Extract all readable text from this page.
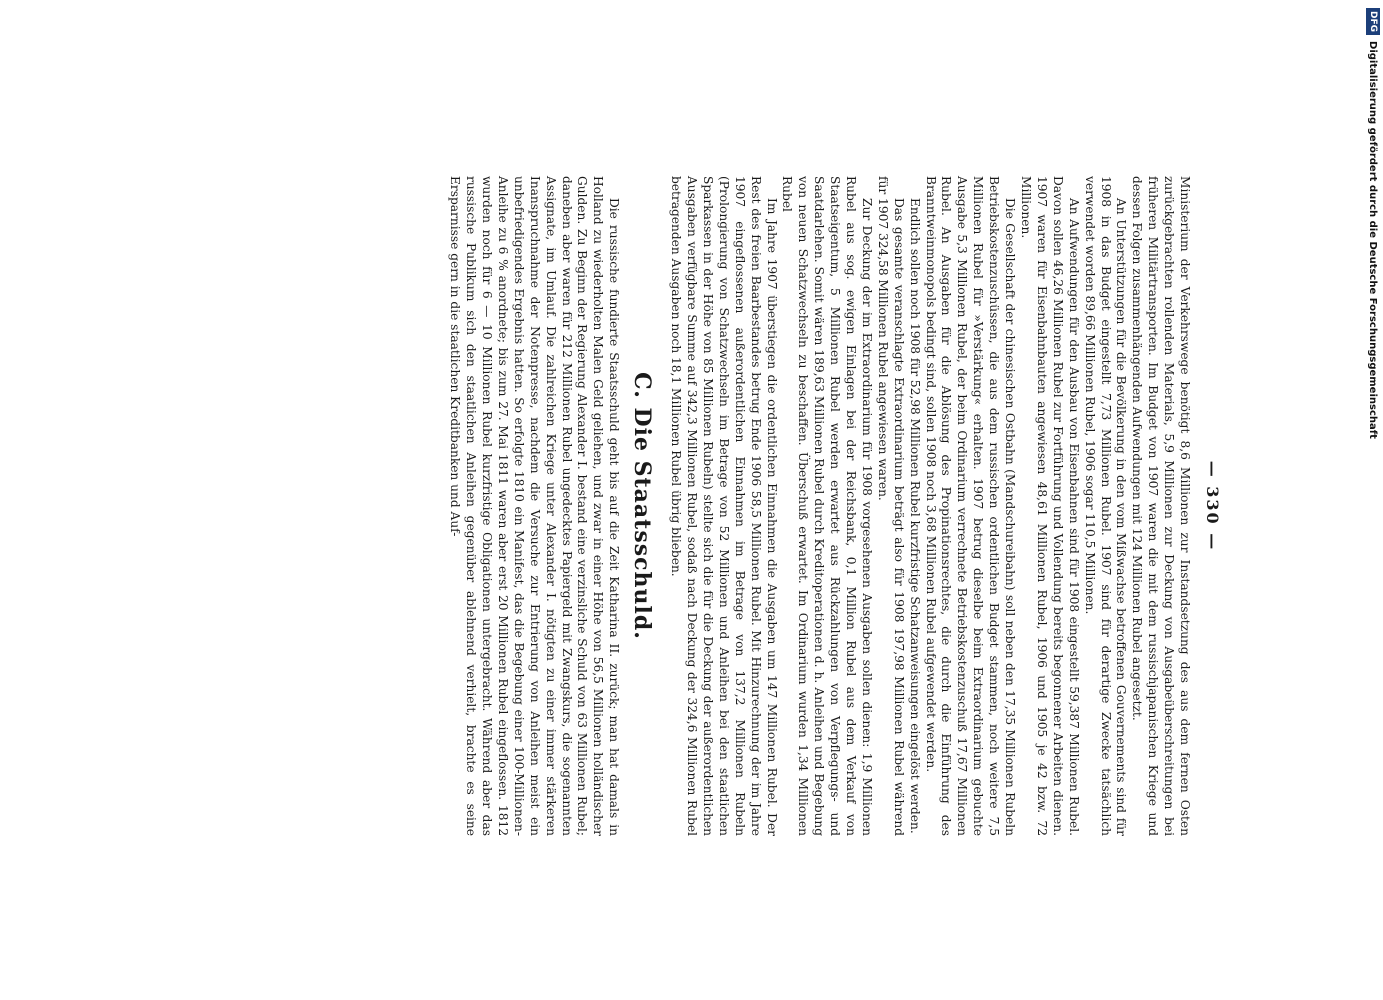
— 330 —

Ministerium der Verkehrswege benötigt 8,6 Millionen zur Instandsetzung des aus dem fernen Osten zurückgebrachten rollenden Materials, 5,9 Millionen zur Deckung von Ausgabeüberschreitungen bei früheren Militärtransporten. Im Budget von 1907 waren die mit dem russischjapanischen Kriege und dessen Folgen zusammenhängenden Aufwendungen mit 124 Millionen Rubel angesetzt.

An Unterstützungen für die Bevölkerung in den vom Mißwachse betroffenen Gouvernements sind für 1908 in das Budget eingestellt 7,73 Millionen Rubel. 1907 sind für derartige Zwecke tatsächlich verwendet worden 89,66 Millionen Rubel, 1906 sogar 110,5 Millionen.

An Aufwendungen für den Ausbau von Eisenbahnen sind für 1908 eingestellt 59,387 Millionen Rubel. Davon sollen 46,26 Millionen Rubel zur Fortführung und Vollendung bereits begonnener Arbeiten dienen. 1907 waren für Eisenbahnbauten angewiesen 48,61 Millionen Rubel, 1906 und 1905 je 42 bzw. 72 Millionen.

Die Gesellschaft der chinesischen Ostbahn (Mandschureibahn) soll neben den 17,35 Millionen Rubeln Betriebskostenzuschüssen, die aus dem russischen ordentlichen Budget stammen, noch weitere 7,5 Millionen Rubel für »Verstärkung« erhalten. 1907 betrug dieselbe beim Extraordinarium gebuchte Ausgabe 5,3 Millionen Rubel, der beim Ordinarium verrechnete Betriebskostenzuschuß 17,67 Millionen Rubel. An Ausgaben für die Ablösung des Propinationsrechtes, die durch die Einführung des Branntweinmonopols bedingt sind, sollen 1908 noch 3,68 Millionen Rubel aufgewendet werden.

Endlich sollen noch 1908 für 52,98 Millionen Rubel kurzfristige Schatzanweisungen eingelöst werden.

Das gesamte veranschlagte Extraordinarium beträgt also für 1908 197,98 Millionen Rubel während für 1907 324,58 Millionen Rubel angewiesen waren.

Zur Deckung der im Extraordinarium für 1908 vorgesehenen Ausgaben sollen dienen: 1,9 Millionen Rubel aus sog. ewigen Einlagen bei der Reichsbank, 0,1 Million Rubel aus dem Verkauf von Staatseigentum, 5 Millionen Rubel werden erwartet aus Rückzahlungen von Verpflegungs- und Saatdarlehen. Somit wären 189,63 Millionen Rubel durch Kreditoperationen d. h. Anleihen und Begebung von neuen Schatzwechseln zu beschaffen. Überschuß erwartet. Im Ordinarium wurden 1,34 Millionen Rubel

Im Jahre 1907 überstiegen die ordentlichen Einnahmen die Ausgaben um 147 Millionen Rubel. Der Rest des freien Baarbestandes betrug Ende 1906 58,5 Millionen Rubel. Mit Hinzurechnung der im Jahre 1907 eingeflossenen außerordentlichen Einnahmen im Betrage von 137,2 Millionen Rubeln (Prolongierung von Schatzwechseln im Betrage von 52 Millionen und Anleihen bei den staatlichen Sparkassen in der Höhe von 85 Millionen Rubeln) stellte sich die für die Deckung der außerordentlichen Ausgaben verfügbare Summe auf 342,3 Millionen Rubel, sodaß nach Deckung der 324,6 Millionen Rubel betragenden Ausgaben noch 18,1 Millionen Rubel übrig blieben.

C. Die Staatsschuld.

Die russische fundierte Staatsschuld geht bis auf die Zeit Katharina II. zurück; man hat damals in Holland zu wiederholten Malen Geld geliehen, und zwar in einer Höhe von 56,5 Millionen holländischer Gulden. Zu Beginn der Regierung Alexander I. bestand eine verzinsliche Schuld von 63 Millionen Rubel; daneben aber waren für 212 Millionen Rubel ungedecktes Papiergeld mit Zwangskurs, die sogenannten Assignate, im Umlauf. Die zahlreichen Kriege unter Alexander I. nötigten zu einer immer stärkeren Inanspruchnahme der Notenpresse, nachdem die Versuche zur Entrierung von Anleihen meist ein unbefriedigendes Ergebnis hatten. So erfolgte 1810 ein Manifest, das die Begebung einer 100-Millionen-Anleihe zu 6 % anordnete; bis zum 27. Mai 1811 waren aber erst 20 Millionen Rubel eingeflossen. 1812 wurden noch für 6 — 10 Millionen Rubel kurzfristige Obligationen untergebracht. Während aber das russische Publikum sich den staatlichen Anleihen gegenüber ablehnend verhielt, brachte es seine Ersparnisse gern in die staatlichen Kreditbanken und Auf-

DFGDigitalisierung gefördert durch die Deutsche Forschungsgemeinschaft
